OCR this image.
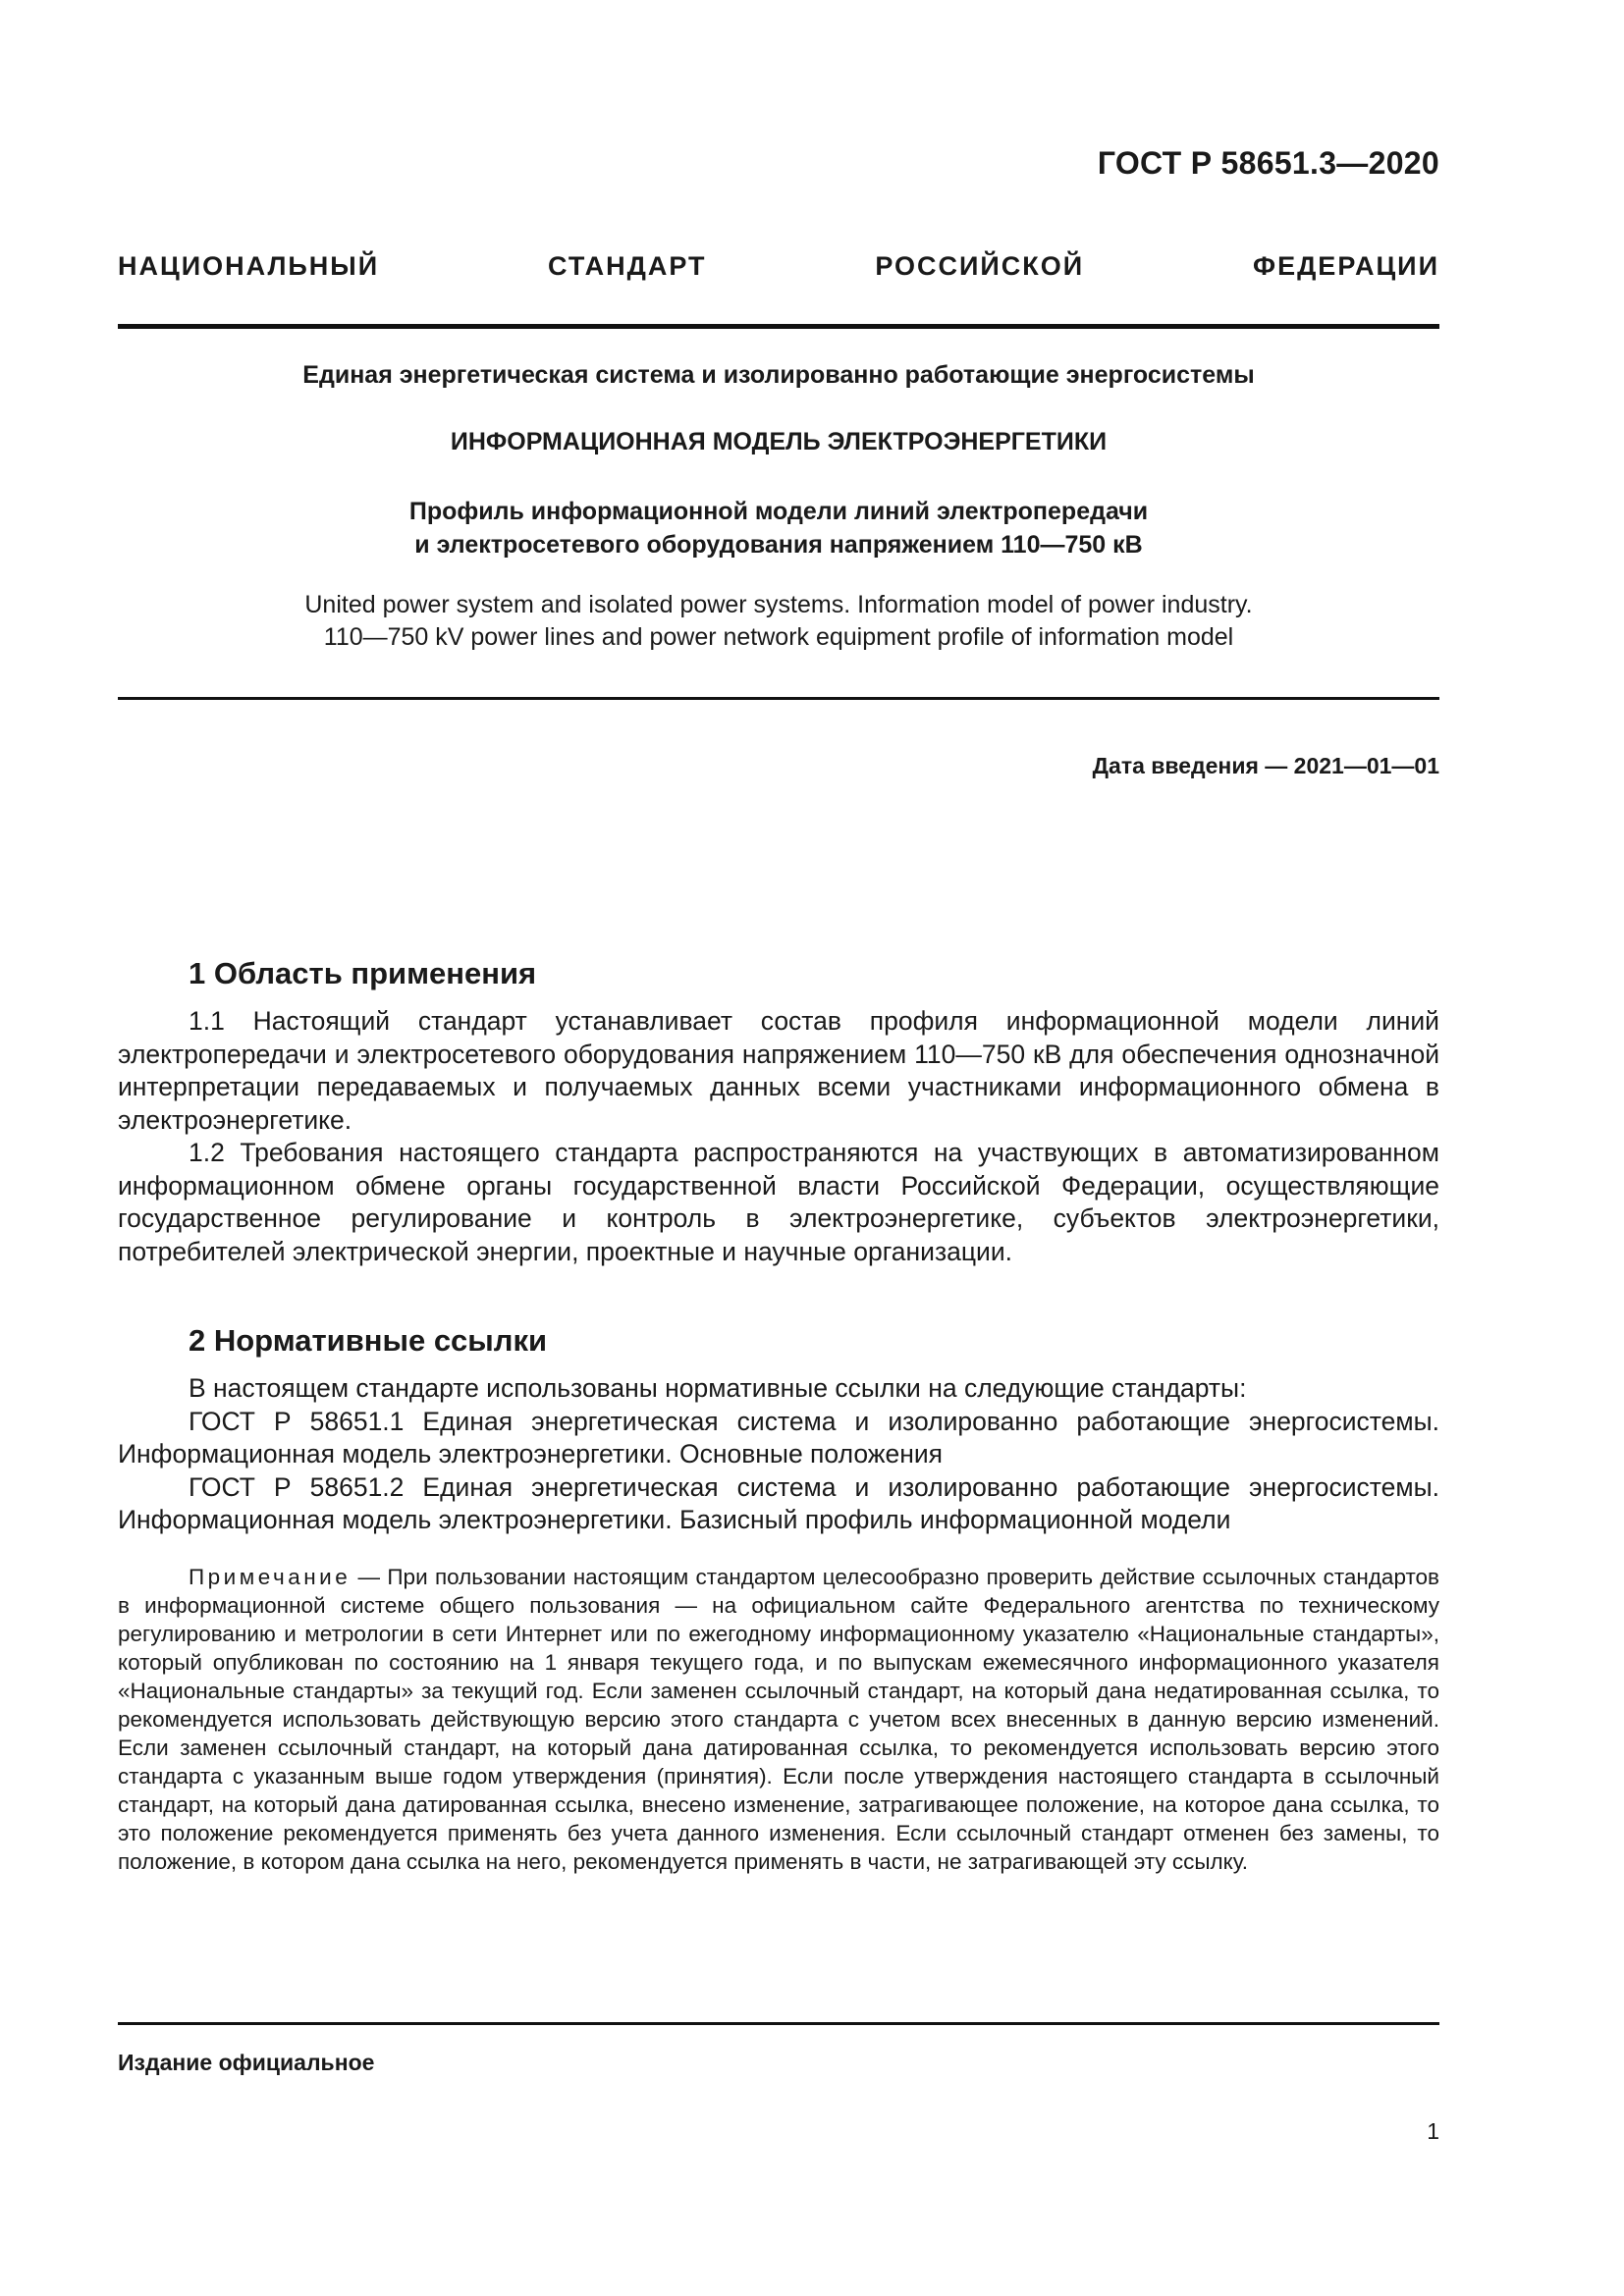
ГОСТ Р 58651.3—2020
НАЦИОНАЛЬНЫЙ СТАНДАРТ РОССИЙСКОЙ ФЕДЕРАЦИИ
Единая энергетическая система и изолированно работающие энергосистемы
ИНФОРМАЦИОННАЯ МОДЕЛЬ ЭЛЕКТРОЭНЕРГЕТИКИ
Профиль информационной модели линий электропередачи
и электросетевого оборудования напряжением 110—750 кВ
United power system and isolated power systems. Information model of power industry.
110—750 kV power lines and power network equipment profile of information model
Дата введения — 2021—01—01
1 Область применения

1.1 Настоящий стандарт устанавливает состав профиля информационной модели линий электропередачи и электросетевого оборудования напряжением 110—750 кВ для обеспечения однозначной интерпретации передаваемых и получаемых данных всеми участниками информационного обмена в электроэнергетике.

1.2 Требования настоящего стандарта распространяются на участвующих в автоматизированном информационном обмене органы государственной власти Российской Федерации, осуществляющие государственное регулирование и контроль в электроэнергетике, субъектов электроэнергетики, потребителей электрической энергии, проектные и научные организации.

2 Нормативные ссылки

В настоящем стандарте использованы нормативные ссылки на следующие стандарты:

ГОСТ Р 58651.1 Единая энергетическая система и изолированно работающие энергосистемы. Информационная модель электроэнергетики. Основные положения

ГОСТ Р 58651.2 Единая энергетическая система и изолированно работающие энергосистемы. Информационная модель электроэнергетики. Базисный профиль информационной модели

Примечание — При пользовании настоящим стандартом целесообразно проверить действие ссылочных стандартов в информационной системе общего пользования — на официальном сайте Федерального агентства по техническому регулированию и метрологии в сети Интернет или по ежегодному информационному указателю «Национальные стандарты», который опубликован по состоянию на 1 января текущего года, и по выпускам ежемесячного информационного указателя «Национальные стандарты» за текущий год. Если заменен ссылочный стандарт, на который дана недатированная ссылка, то рекомендуется использовать действующую версию этого стандарта с учетом всех внесенных в данную версию изменений. Если заменен ссылочный стандарт, на который дана датированная ссылка, то рекомендуется использовать версию этого стандарта с указанным выше годом утверждения (принятия). Если после утверждения настоящего стандарта в ссылочный стандарт, на который дана датированная ссылка, внесено изменение, затрагивающее положение, на которое дана ссылка, то это положение рекомендуется применять без учета данного изменения. Если ссылочный стандарт отменен без замены, то положение, в котором дана ссылка на него, рекомендуется применять в части, не затрагивающей эту ссылку.
Издание официальное
1
